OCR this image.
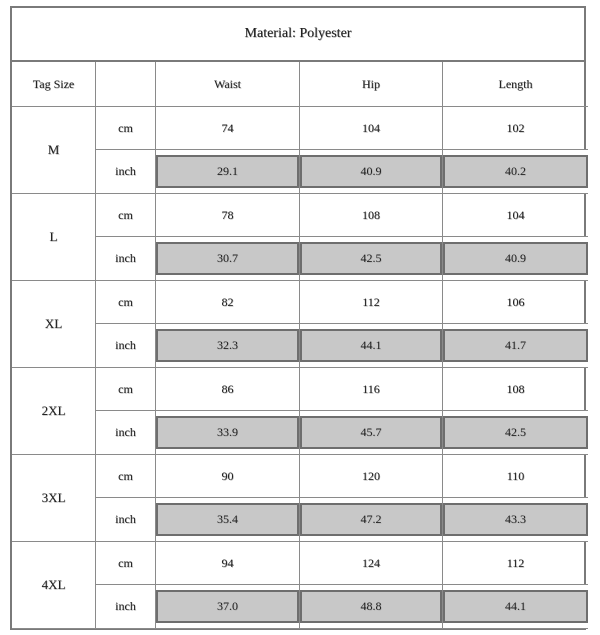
Material: Polyester
Tag Size		Waist	Hip	Length
M	cm	74	104	102
	inch	29.1	40.9	40.2

L	cm	78	108	104
	inch	30.7	42.5	40.9

XL	cm	82	112	106
	inch	32.3	44.1	41.7

2XL	cm	86	116	108
	inch	33.9	45.7	42.5

3XL	cm	90	120	110
	inch	35.4	47.2	43.3

4XL	cm	94	124	112
	inch	37.0	48.8	44.1
